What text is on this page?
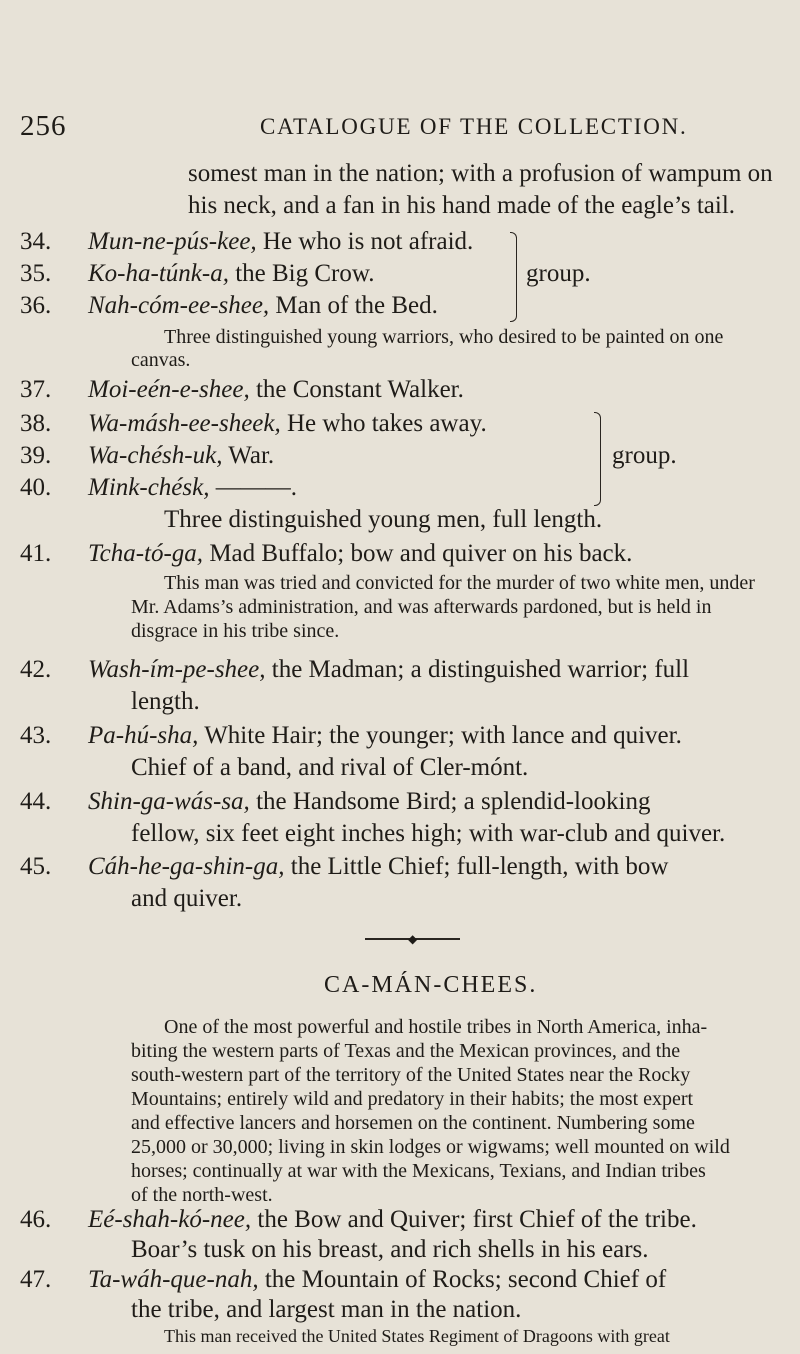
256	CATALOGUE OF THE COLLECTION.
somest man in the nation; with a profusion of wampum on
his neck, and a fan in his hand made of the eagle’s tail.
34. Mun-ne-pús-kee, He who is not afraid.
35. Ko-ha-túnk-a, the Big Crow.
36. Nah-cóm-ee-shee, Man of the Bed.
group.
Three distinguished young warriors, who desired to be painted on one
canvas.
37. Moi-eén-e-shee, the Constant Walker.
38. Wa-másh-ee-sheek, He who takes away.
39. Wa-chésh-uk, War.
40. Mink-chésk, ———.
group.
Three distinguished young men, full length.
41. Tcha-tó-ga, Mad Buffalo; bow and quiver on his back.
This man was tried and convicted for the murder of two white men, under
Mr. Adams’s administration, and was afterwards pardoned, but is held in
disgrace in his tribe since.
42. Wash-ím-pe-shee, the Madman; a distinguished warrior; full
length.
43. Pa-hú-sha, White Hair; the younger; with lance and quiver.
Chief of a band, and rival of Cler-mónt.
44. Shin-ga-wás-sa, the Handsome Bird; a splendid-looking
fellow, six feet eight inches high; with war-club and quiver.
45. Cáh-he-ga-shin-ga, the Little Chief; full-length, with bow
and quiver.
◆
CA-MÁN-CHEES.
One of the most powerful and hostile tribes in North America, inha-
biting the western parts of Texas and the Mexican provinces, and the
south-western part of the territory of the United States near the Rocky
Mountains; entirely wild and predatory in their habits; the most expert
and effective lancers and horsemen on the continent. Numbering some
25,000 or 30,000; living in skin lodges or wigwams; well mounted on wild
horses; continually at war with the Mexicans, Texians, and Indian tribes
of the north-west.
46. Eé-shah-kó-nee, the Bow and Quiver; first Chief of the tribe.
Boar’s tusk on his breast, and rich shells in his ears.
47. Ta-wáh-que-nah, the Mountain of Rocks; second Chief of
the tribe, and largest man in the nation.
This man received the United States Regiment of Dragoons with great
